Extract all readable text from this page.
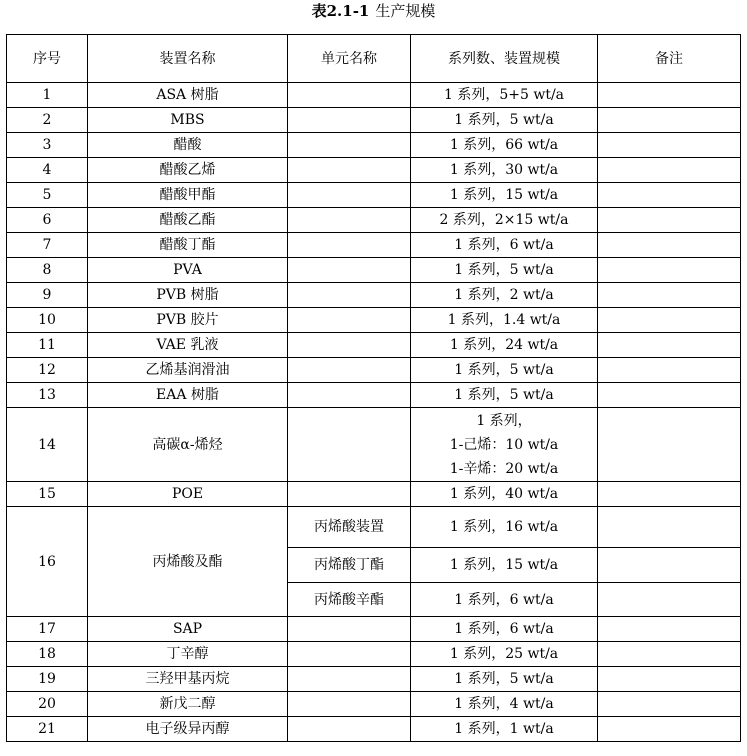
表2.1-1 生产规模
序号	装置名称	单元名称	系列数、装置规模	备注
1	ASA 树脂		1 系列，5+5 wt/a	
2	MBS		1 系列，5 wt/a	
3	醋酸		1 系列，66 wt/a	
4	醋酸乙烯		1 系列，30 wt/a	
5	醋酸甲酯		1 系列，15 wt/a	
6	醋酸乙酯		2 系列，2×15 wt/a	
7	醋酸丁酯		1 系列，6 wt/a	
8	PVA		1 系列，5 wt/a	
9	PVB 树脂		1 系列，2 wt/a	
10	PVB 胶片		1 系列，1.4 wt/a	
11	VAE 乳液		1 系列，24 wt/a	
12	乙烯基润滑油		1 系列，5 wt/a	
13	EAA 树脂		1 系列，5 wt/a	
14	高碳α-烯烃		1 系列，
1-己烯：10 wt/a
1-辛烯：20 wt/a	

15	POE		1 系列，40 wt/a	
16	丙烯酸及酯	丙烯酸装置	1 系列，16 wt/a	
		丙烯酸丁酯	1 系列，15 wt/a	
		丙烯酸辛酯	1 系列，6 wt/a	
17	SAP		1 系列，6 wt/a	
18	丁辛醇		1 系列，25 wt/a	
19	三羟甲基丙烷		1 系列，5 wt/a	
20	新戊二醇		1 系列，4 wt/a	
21	电子级异丙醇		1 系列，1 wt/a	
